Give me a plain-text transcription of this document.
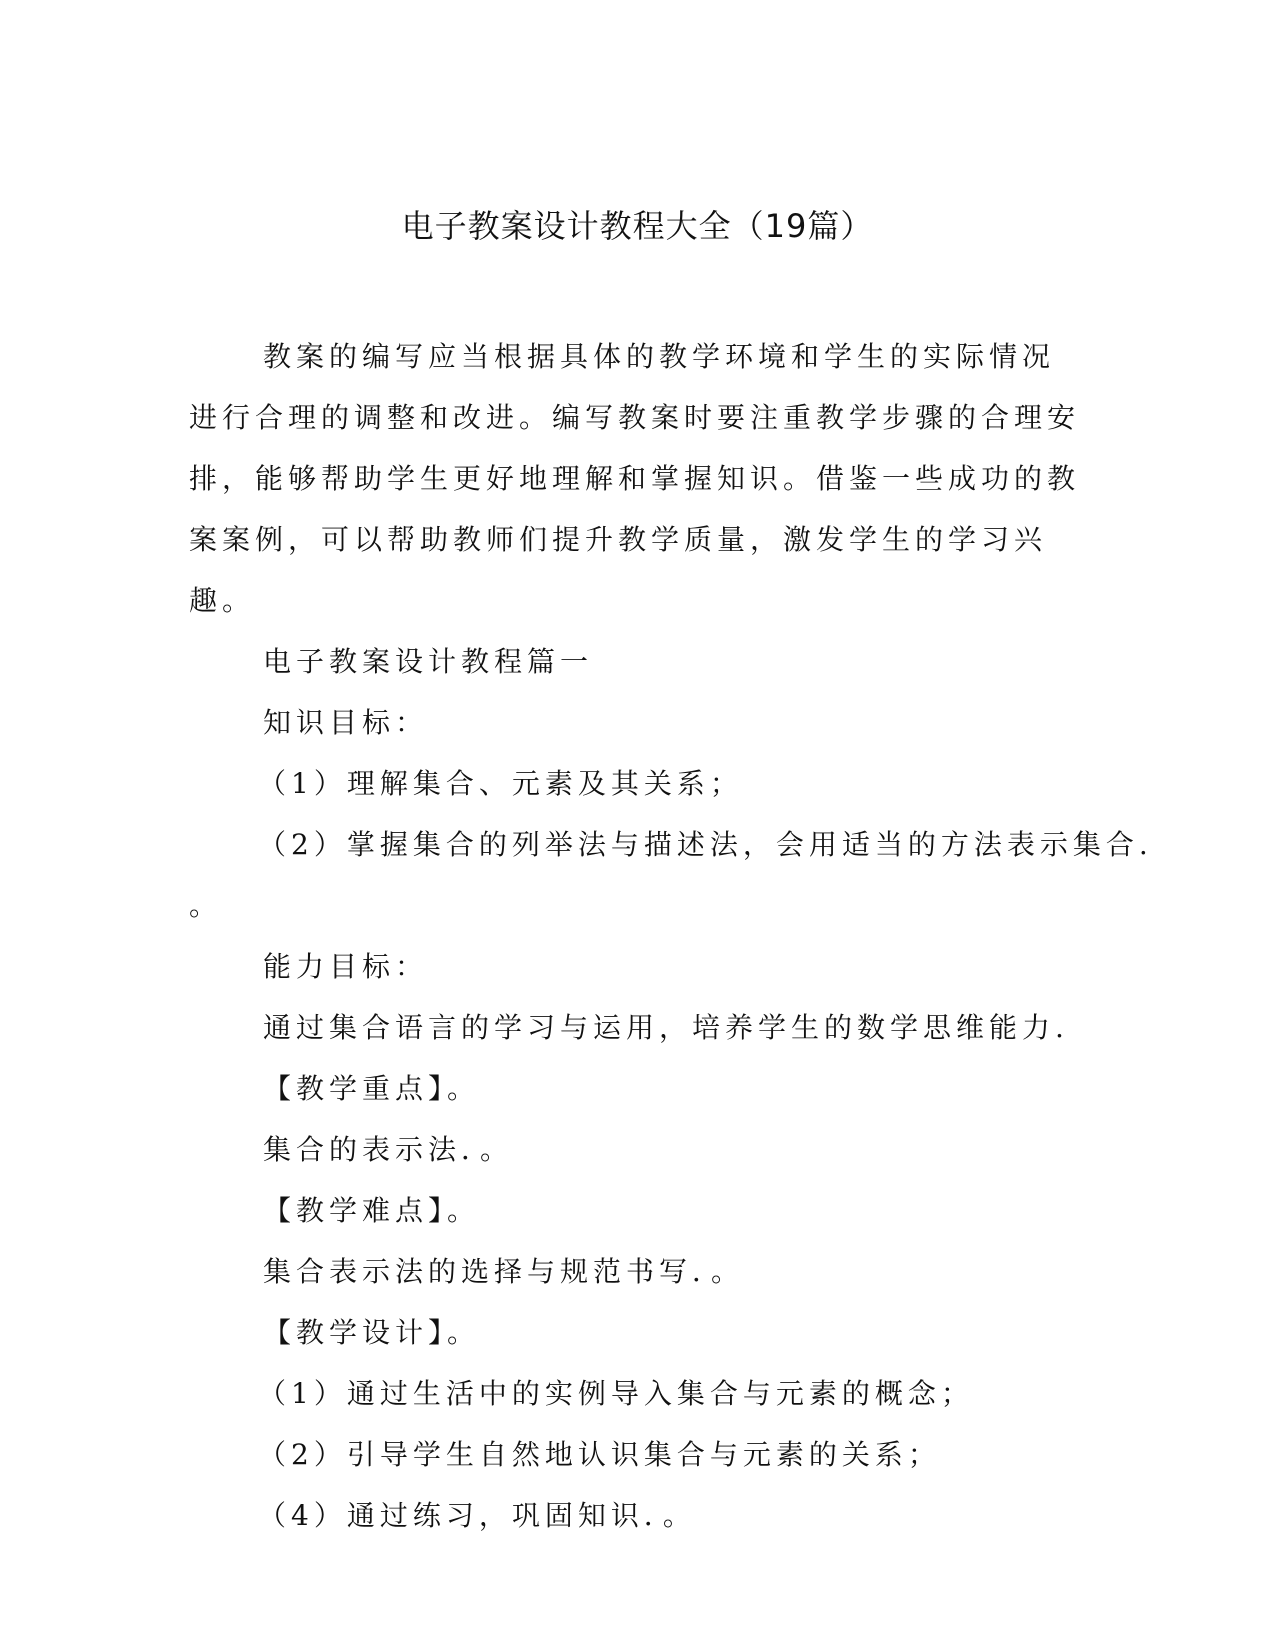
电子教案设计教程大全（19篇）

教案的编写应当根据具体的教学环境和学生的实际情况进行合理的调整和改进。编写教案时要注重教学步骤的合理安排，能够帮助学生更好地理解和掌握知识。借鉴一些成功的教案案例，可以帮助教师们提升教学质量，激发学生的学习兴趣。

电子教案设计教程篇一

知识目标：

（1）理解集合、元素及其关系；

（2）掌握集合的列举法与描述法，会用适当的方法表示集合.

。

能力目标：

通过集合语言的学习与运用，培养学生的数学思维能力.

【教学重点】。

集合的表示法．。

【教学难点】。

集合表示法的选择与规范书写．。

【教学设计】。

（1）通过生活中的实例导入集合与元素的概念；

（2）引导学生自然地认识集合与元素的关系；

（4）通过练习，巩固知识．。
